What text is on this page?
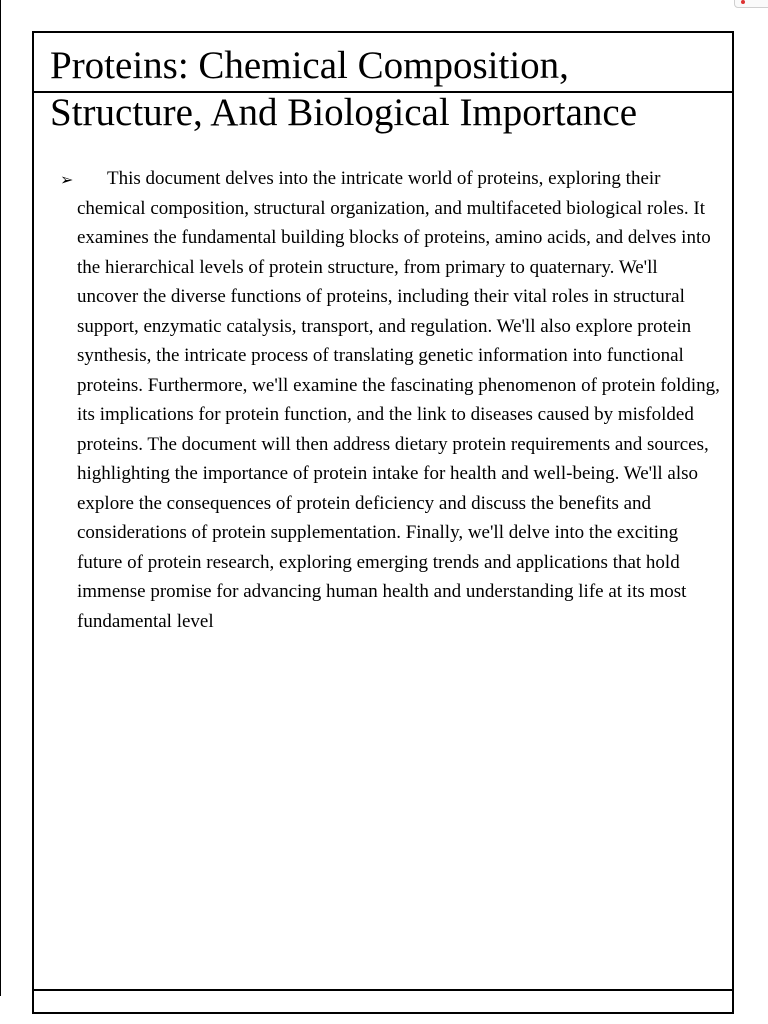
Proteins: Chemical Composition, Structure, And Biological Importance
➢	This document delves into the intricate world of proteins, exploring their chemical composition, structural organization, and multifaceted biological roles. It examines the fundamental building blocks of proteins, amino acids, and delves into the hierarchical levels of protein structure, from primary to quaternary. We'll uncover the diverse functions of proteins, including their vital roles in structural support, enzymatic catalysis, transport, and regulation. We'll also explore protein synthesis, the intricate process of translating genetic information into functional proteins. Furthermore, we'll examine the fascinating phenomenon of protein folding, its implications for protein function, and the link to diseases caused by misfolded proteins. The document will then address dietary protein requirements and sources, highlighting the importance of protein intake for health and well-being. We'll also explore the consequences of protein deficiency and discuss the benefits and considerations of protein supplementation. Finally, we'll delve into the exciting future of protein research, exploring emerging trends and applications that hold immense promise for advancing human health and understanding life at its most fundamental level
